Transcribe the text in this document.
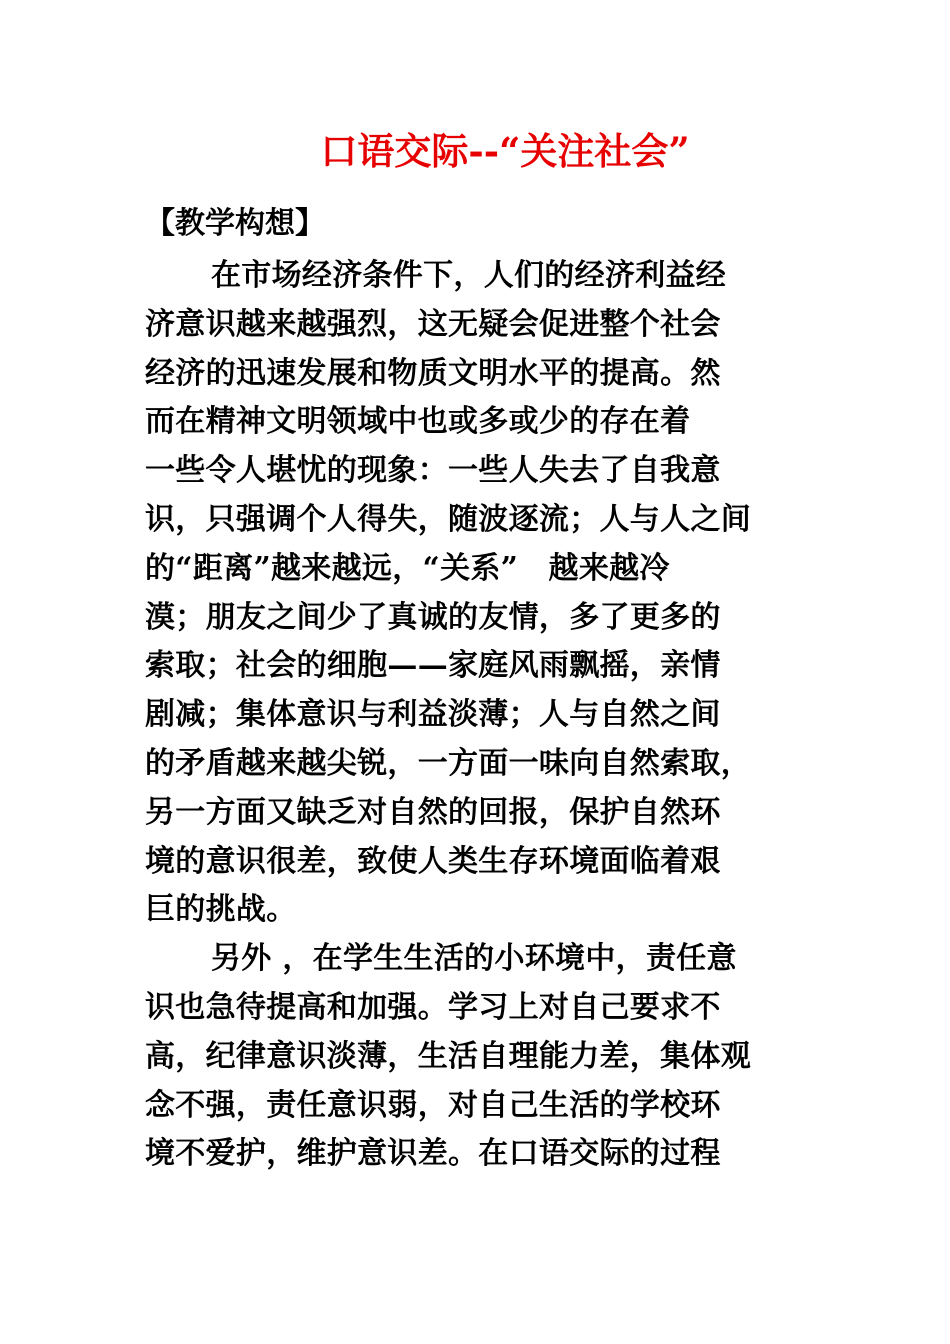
口语交际--“关注社会”
【教学构想】
在市场经济条件下，人们的经济利益经
济意识越来越强烈，这无疑会促进整个社会
经济的迅速发展和物质文明水平的提高。然
而在精神文明领域中也或多或少的存在着
一些令人堪忧的现象：一些人失去了自我意
识，只强调个人得失，随波逐流；人与人之间
的“距离”越来越远，“关系”　越来越冷
漠；朋友之间少了真诚的友情，多了更多的
索取；社会的细胞——家庭风雨飘摇，亲情
剧减；集体意识与利益淡薄；人与自然之间
的矛盾越来越尖锐，一方面一味向自然索取，
另一方面又缺乏对自然的回报，保护自然环
境的意识很差，致使人类生存环境面临着艰
巨的挑战。
另外 ，在学生生活的小环境中，责任意
识也急待提高和加强。学习上对自己要求不
高，纪律意识淡薄，生活自理能力差，集体观
念不强，责任意识弱，对自己生活的学校环
境不爱护，维护意识差。在口语交际的过程
